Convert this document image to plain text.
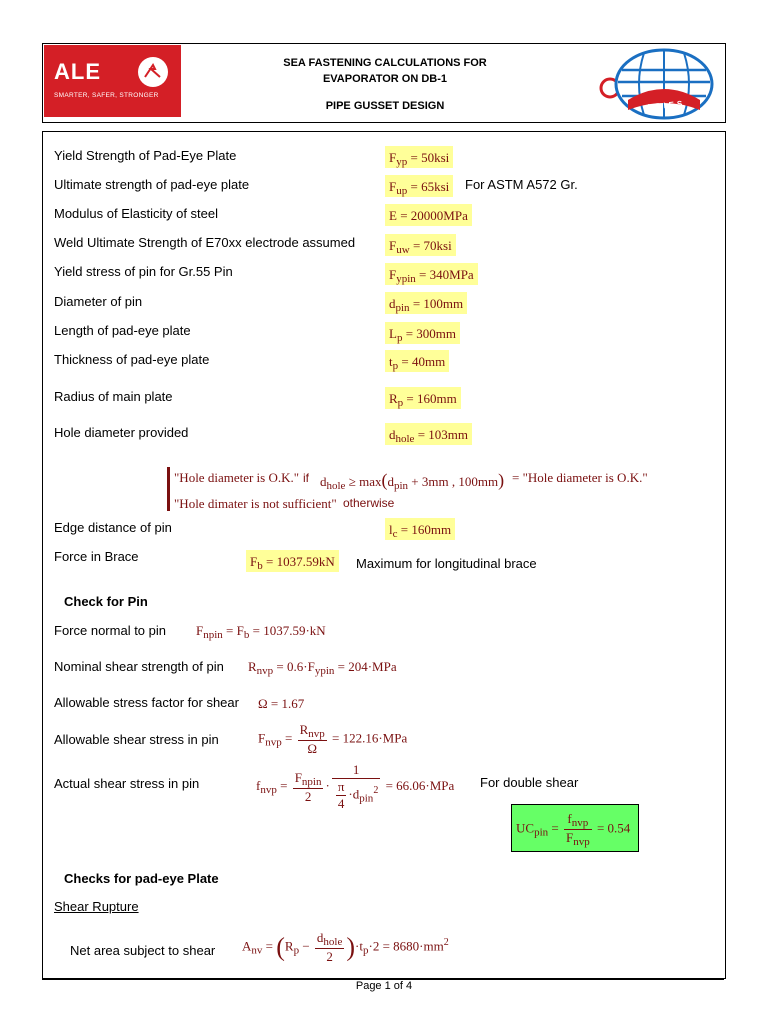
ALE
SMARTER, SAFER, STRONGER
SEA FASTENING CALCULATIONS FOR
EVAPORATOR ON DB-1
PIPE GUSSET DESIGN	ARIES
Yield Strength of Pad-Eye Plate	$F_{yp} = 50ksi$
Ultimate strength of pad-eye plate	$F_{up} = 65ksi$	For ASTM A572 Gr.
Modulus of Elasticity of steel	E = 20000MPa
Weld Ultimate Strength of E70xx electrode assumed	$F_{uw} = 70ksi$
Yield stress of pin for Gr.55 Pin	$F_{ypin} = 340MPa$
Diameter of pin	$d_{pin} = 100mm$
Length of pad-eye plate	$L_p = 300mm$
Thickness of pad-eye plate	$t_p = 40mm$
Radius of main plate	$R_p = 160mm$
Hole diameter provided	$d_{hole} = 103mm$
"Hole diameter is O.K." if $d_{hole} \ge \max(d_{pin} + 3mm$ , 100mm) = "Hole diameter is O.K."
"Hole dimater is not sufficient" otherwise
Edge distance of pin	$l_c = 160mm$
Force in Brace	$F_b = 1037.59kN$	Maximum for longitudinal brace
Check for Pin
Force normal to pin $F_{npin} = F_b = 1037.59\cdot kN$
Nominal shear strength of pin $R_{nvp} = 0.6\cdot F_{ypin} = 204\cdot MPa$
Allowable stress factor for shear Ω = 1.67
Allowable shear stress in pin	$F_{nvp} = \frac{R_{nvp}}{\Omega} = 122.16\cdot MPa$
Actual shear stress in pin	$f_{nvp} = \frac{F_{npin}}{2} \cdot \frac{1}{\frac{\pi}{4} \cdot d_{pin}^2} = 66.06\cdot MPa$ For double shear
$UC_{pin} = \frac{f_{nvp}}{F_{nvp}} = 0.54$
Checks for pad-eye Plate
Shear Rupture
Net area subject to shear $A_{nv} = (R_p - \frac{d_{hole}}{2} )\cdot t_p\cdot 2 = 8680\cdot mm^2$
Page 1 of 4
